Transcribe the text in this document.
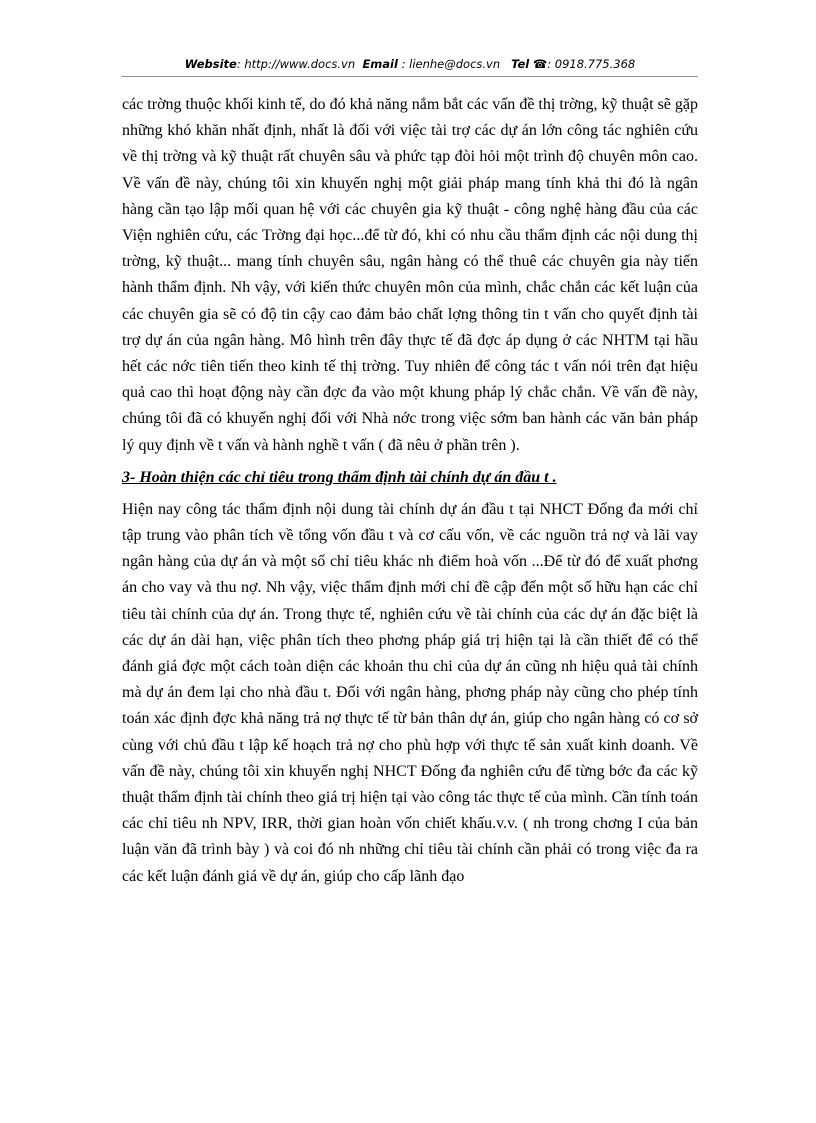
Website: http://www.docs.vn Email : lienhe@docs.vn Tel ☎: 0918.775.368

các trờng thuộc khối kinh tế, do đó khả năng nắm bắt các vấn đề thị trờng, kỹ thuật sẽ gặp những khó khăn nhất định, nhất là đối với việc tài trợ các dự án lớn công tác nghiên cứu về thị trờng và kỹ thuật rất chuyên sâu và phức tạp đòi hỏi một trình độ chuyên môn cao. Về vấn đề này, chúng tôi xin khuyến nghị một giải pháp mang tính khả thi đó là ngân hàng cần tạo lập mối quan hệ với các chuyên gia kỹ thuật - công nghệ hàng đầu của các Viện nghiên cứu, các Trờng đại học...để từ đó, khi có nhu cầu thẩm định các nội dung thị trờng, kỹ thuật... mang tính chuyên sâu, ngân hàng có thể thuê các chuyên gia này tiến hành thẩm định. Nh vậy, với kiến thức chuyên môn của mình, chắc chắn các kết luận của các chuyên gia sẽ có độ tin cậy cao đảm bảo chất lợng thông tin t vấn cho quyết định tài trợ dự án của ngân hàng. Mô hình trên đây thực tế đã đợc áp dụng ở các NHTM tại hầu hết các nớc tiên tiến theo kinh tế thị trờng. Tuy nhiên để công tác t vấn nói trên đạt hiệu quả cao thì hoạt động này cần đợc đa vào một khung pháp lý chắc chắn. Về vấn đề này, chúng tôi đã có khuyến nghị đối với Nhà nớc trong việc sớm ban hành các văn bản pháp lý quy định về t vấn và hành nghề t vấn ( đã nêu ở phần trên ).

3- Hoàn thiện các chỉ tiêu trong thẩm định tài chính dự án đầu t .

Hiện nay công tác thẩm định nội dung tài chính dự án đầu t tại NHCT Đống đa mới chỉ tập trung vào phân tích về tổng vốn đầu t và cơ cấu vốn, về các nguồn trả nợ và lãi vay ngân hàng của dự án và một số chỉ tiêu khác nh điểm hoà vốn ...Để từ đó để xuất phơng án cho vay và thu nợ. Nh vậy, việc thẩm định mới chỉ đề cập đến một số hữu hạn các chỉ tiêu tài chính của dự án. Trong thực tế, nghiên cứu về tài chính của các dự án đặc biệt là các dự án dài hạn, việc phân tích theo phơng pháp giá trị hiện tại là cần thiết để có thể đánh giá đợc một cách toàn diện các khoản thu chi của dự án cũng nh hiệu quả tài chính mà dự án đem lại cho nhà đầu t. Đối với ngân hàng, phơng pháp này cũng cho phép tính toán xác định đợc khả năng trả nợ thực tế từ bản thân dự án, giúp cho ngân hàng có cơ sở cùng với chủ đầu t lập kế hoạch trả nợ cho phù hợp với thực tế sản xuất kinh doanh. Về vấn đề này, chúng tôi xin khuyến nghị NHCT Đống đa nghiên cứu để từng bớc đa các kỹ thuật thẩm định tài chính theo giá trị hiện tại vào công tác thực tế của mình. Cần tính toán các chỉ tiêu nh NPV, IRR, thời gian hoàn vốn chiết khấu.v.v. ( nh trong chơng I của bản luận văn đã trình bày ) và coi đó nh những chỉ tiêu tài chính cần phải có trong việc đa ra các kết luận đánh giá về dự án, giúp cho cấp lãnh đạo
